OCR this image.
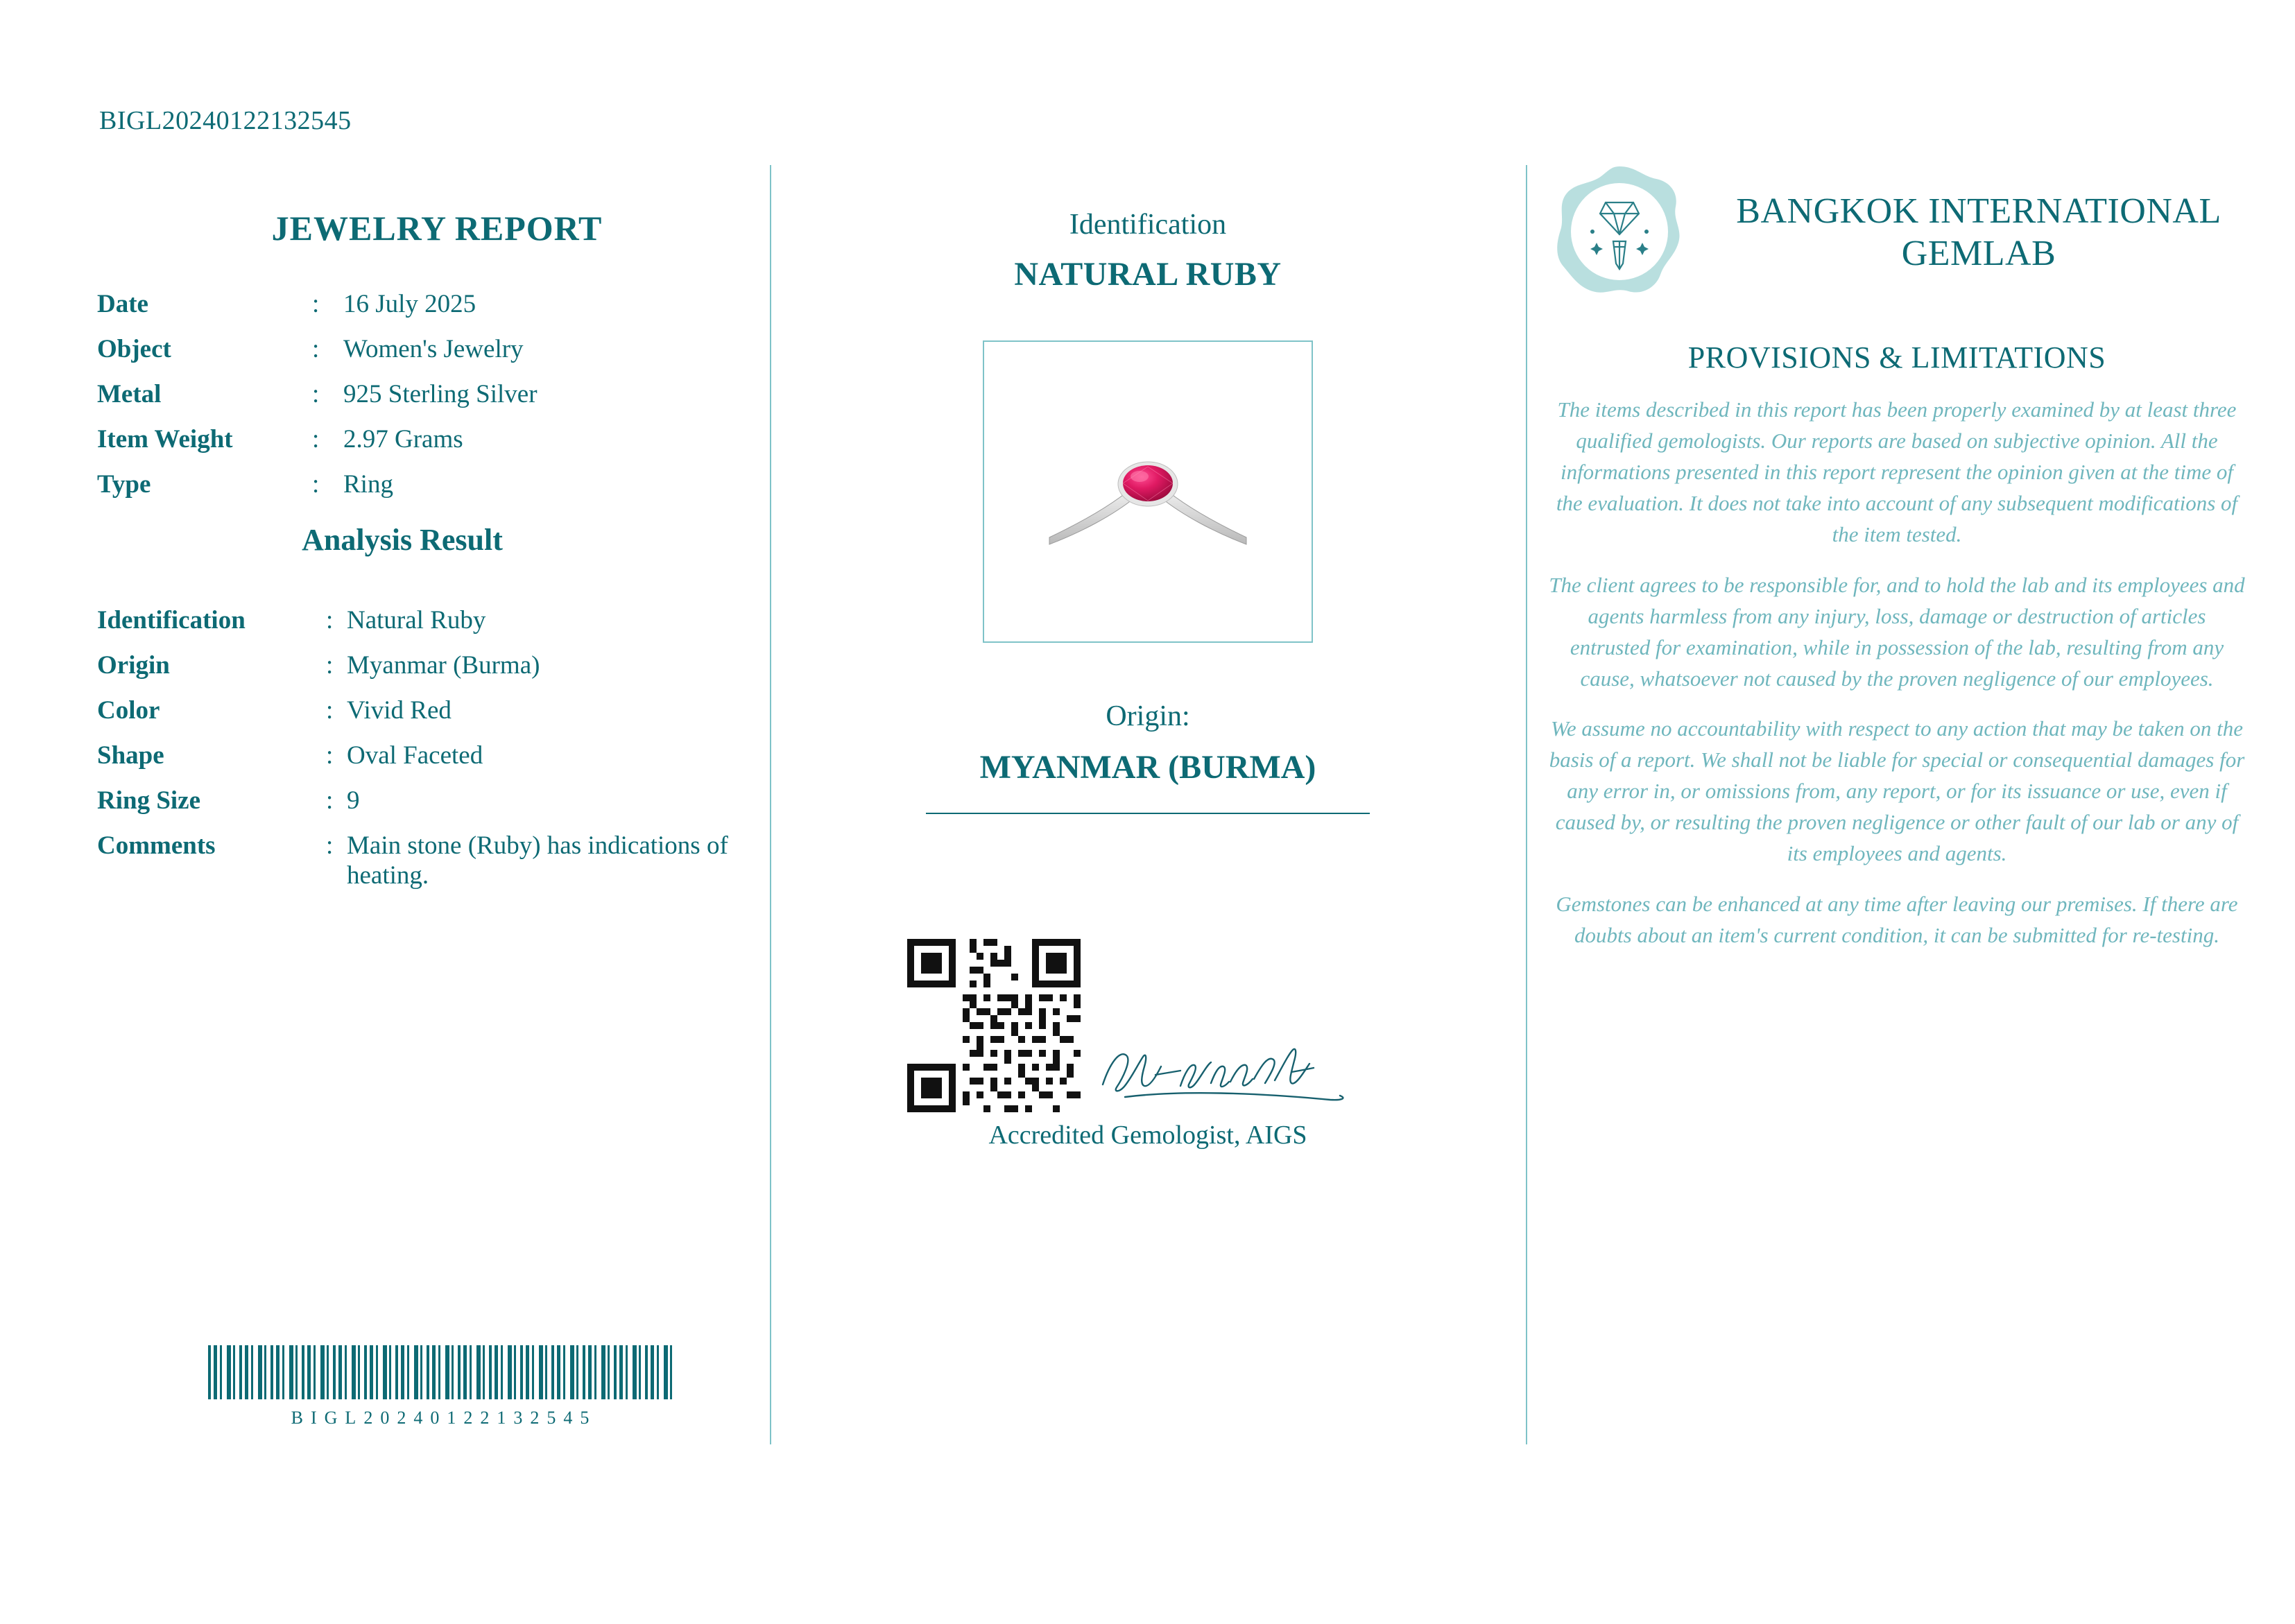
BIGL20240122132545
JEWELRY REPORT
Date	:	16 July 2025
Object	:	Women's Jewelry
Metal	:	925 Sterling Silver
Item Weight	:	2.97 Grams
Type	:	Ring
Analysis Result
Identification	:	Natural Ruby
Origin	:	Myanmar (Burma)
Color	:	Vivid Red
Shape	:	Oval Faceted
Ring Size	:	9
Comments	:	Main stone (Ruby) has indications of heating.
BIGL20240122132545
Identification
NATURAL RUBY
Origin:
MYANMAR (BURMA)

Accredited Gemologist, AIGS
BANGKOK INTERNATIONAL GEMLAB
PROVISIONS & LIMITATIONS
The items described in this report has been properly examined by at least three qualified gemologists. Our reports are based on subjective opinion. All the informations presented in this report represent the opinion given at the time of the evaluation. It does not take into account of any subsequent modifications of the item tested.
The client agrees to be responsible for, and to hold the lab and its employees and agents harmless from any injury, loss, damage or destruction of articles entrusted for examination, while in possession of the lab, resulting from any cause, whatsoever not caused by the proven negligence of our employees.
We assume no accountability with respect to any action that may be taken on the basis of a report. We shall not be liable for special or consequential damages for any error in, or omissions from, any report, or for its issuance or use, even if caused by, or resulting the proven negligence or other fault of our lab or any of its employees and agents.
Gemstones can be enhanced at any time after leaving our premises. If there are doubts about an item's current condition, it can be submitted for re-testing.
